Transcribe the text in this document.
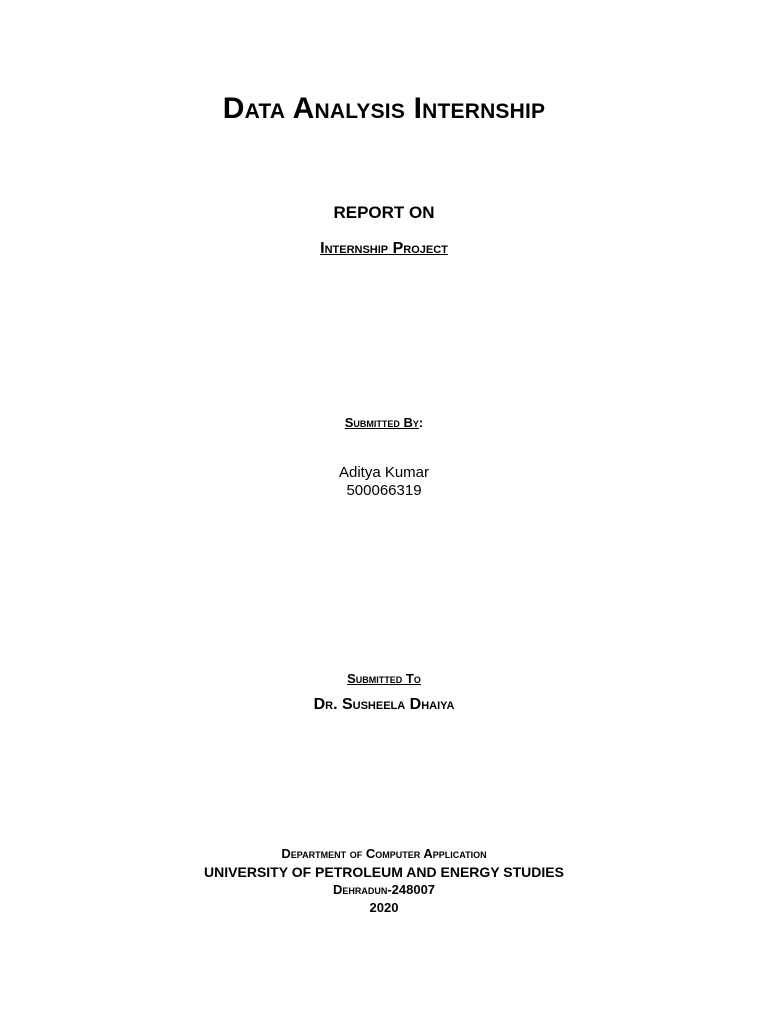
Data Analysis Internship
REPORT ON
Internship Project
Submitted By:
Aditya Kumar
500066319
Submitted To
Dr. Susheela Dhaiya
Department of Computer Application
UNIVERSITY OF PETROLEUM AND ENERGY STUDIES
Dehradun-248007
2020
